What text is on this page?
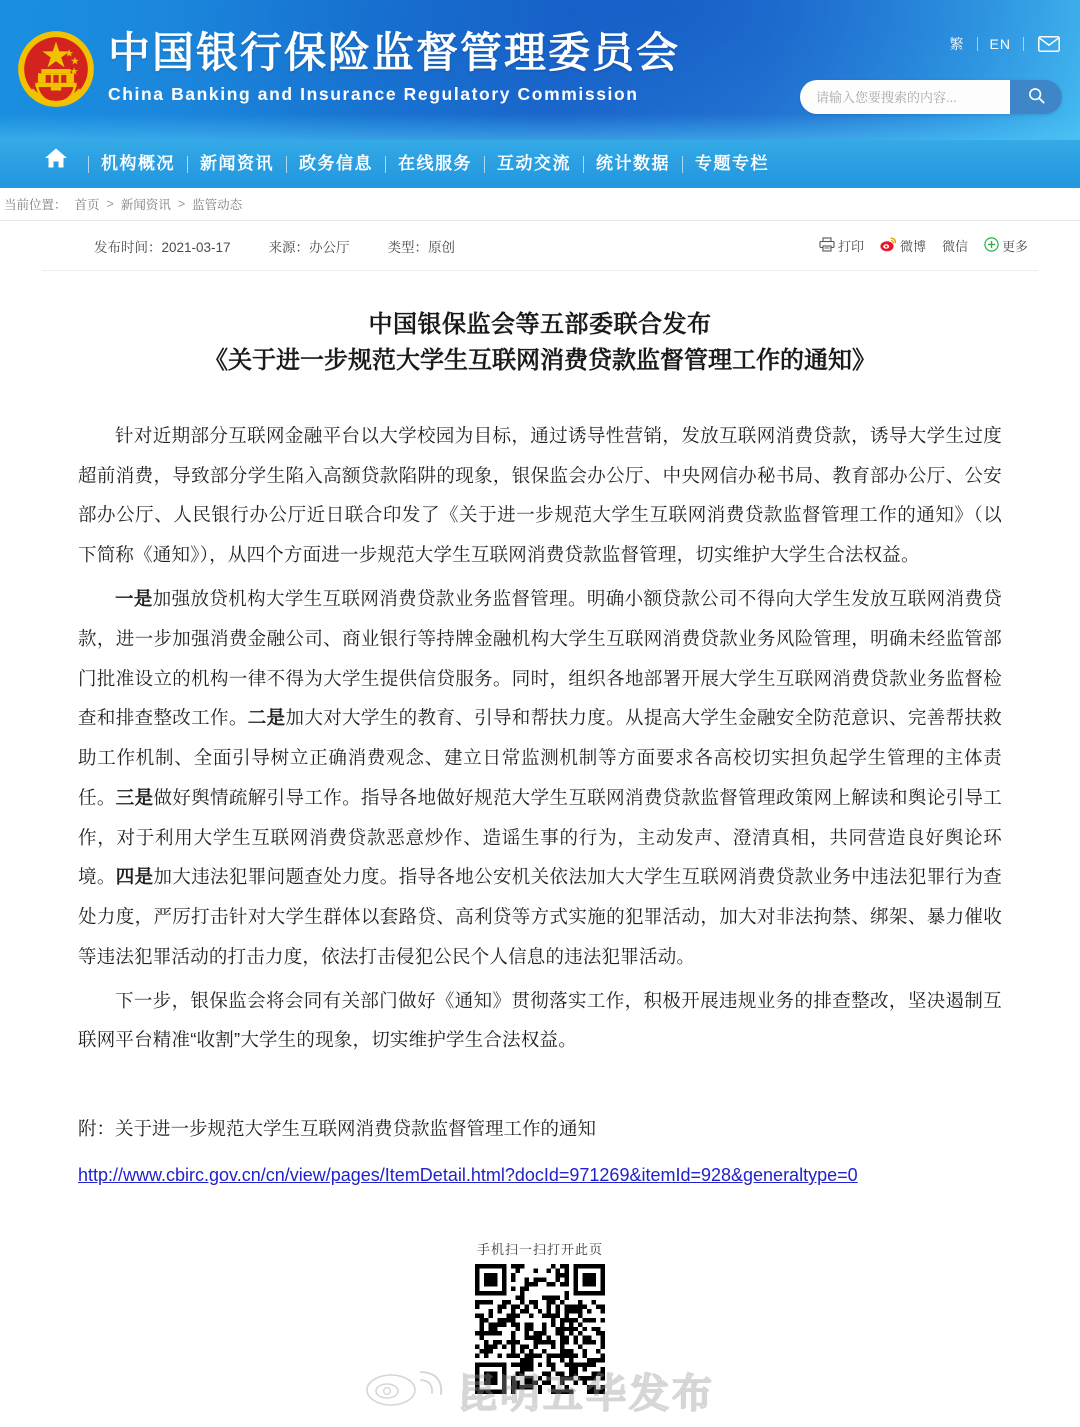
中国银行保险监督管理委员会
China Banking and Insurance Regulatory Commission
繁	EN
请输入您要搜索的内容...
机构概况	新闻资讯	政务信息	在线服务	互动交流	统计数据	专题专栏
当前位置： 首页 > 新闻资讯 > 监管动态
发布时间：2021-03-17	来源：办公厅	类型：原创	打印	微博 微信	更多
中国银保监会等五部委联合发布
《关于进一步规范大学生互联网消费贷款监督管理工作的通知》

针对近期部分互联网金融平台以大学校园为目标，通过诱导性营销，发放互联网消费贷款，诱导大学生过度超前消费，导致部分学生陷入高额贷款陷阱的现象，银保监会办公厅、中央网信办秘书局、教育部办公厅、公安部办公厅、人民银行办公厅近日联合印发了《关于进一步规范大学生互联网消费贷款监督管理工作的通知》（以下简称《通知》），从四个方面进一步规范大学生互联网消费贷款监督管理，切实维护大学生合法权益。

一是加强放贷机构大学生互联网消费贷款业务监督管理。明确小额贷款公司不得向大学生发放互联网消费贷款，进一步加强消费金融公司、商业银行等持牌金融机构大学生互联网消费贷款业务风险管理，明确未经监管部门批准设立的机构一律不得为大学生提供信贷服务。同时，组织各地部署开展大学生互联网消费贷款业务监督检查和排查整改工作。二是加大对大学生的教育、引导和帮扶力度。从提高大学生金融安全防范意识、完善帮扶救助工作机制、全面引导树立正确消费观念、建立日常监测机制等方面要求各高校切实担负起学生管理的主体责任。三是做好舆情疏解引导工作。指导各地做好规范大学生互联网消费贷款监督管理政策网上解读和舆论引导工作，对于利用大学生互联网消费贷款恶意炒作、造谣生事的行为，主动发声、澄清真相，共同营造良好舆论环境。四是加大违法犯罪问题查处力度。指导各地公安机关依法加大大学生互联网消费贷款业务中违法犯罪行为查处力度，严厉打击针对大学生群体以套路贷、高利贷等方式实施的犯罪活动，加大对非法拘禁、绑架、暴力催收等违法犯罪活动的打击力度，依法打击侵犯公民个人信息的违法犯罪活动。

下一步，银保监会将会同有关部门做好《通知》贯彻落实工作，积极开展违规业务的排查整改，坚决遏制互联网平台精准“收割”大学生的现象，切实维护学生合法权益。

附：关于进一步规范大学生互联网消费贷款监督管理工作的通知
http://www.cbirc.gov.cn/cn/view/pages/ItemDetail.html?docId=971269&itemId=928&generaltype=0
手机扫一扫打开此页
昆明五华发布
